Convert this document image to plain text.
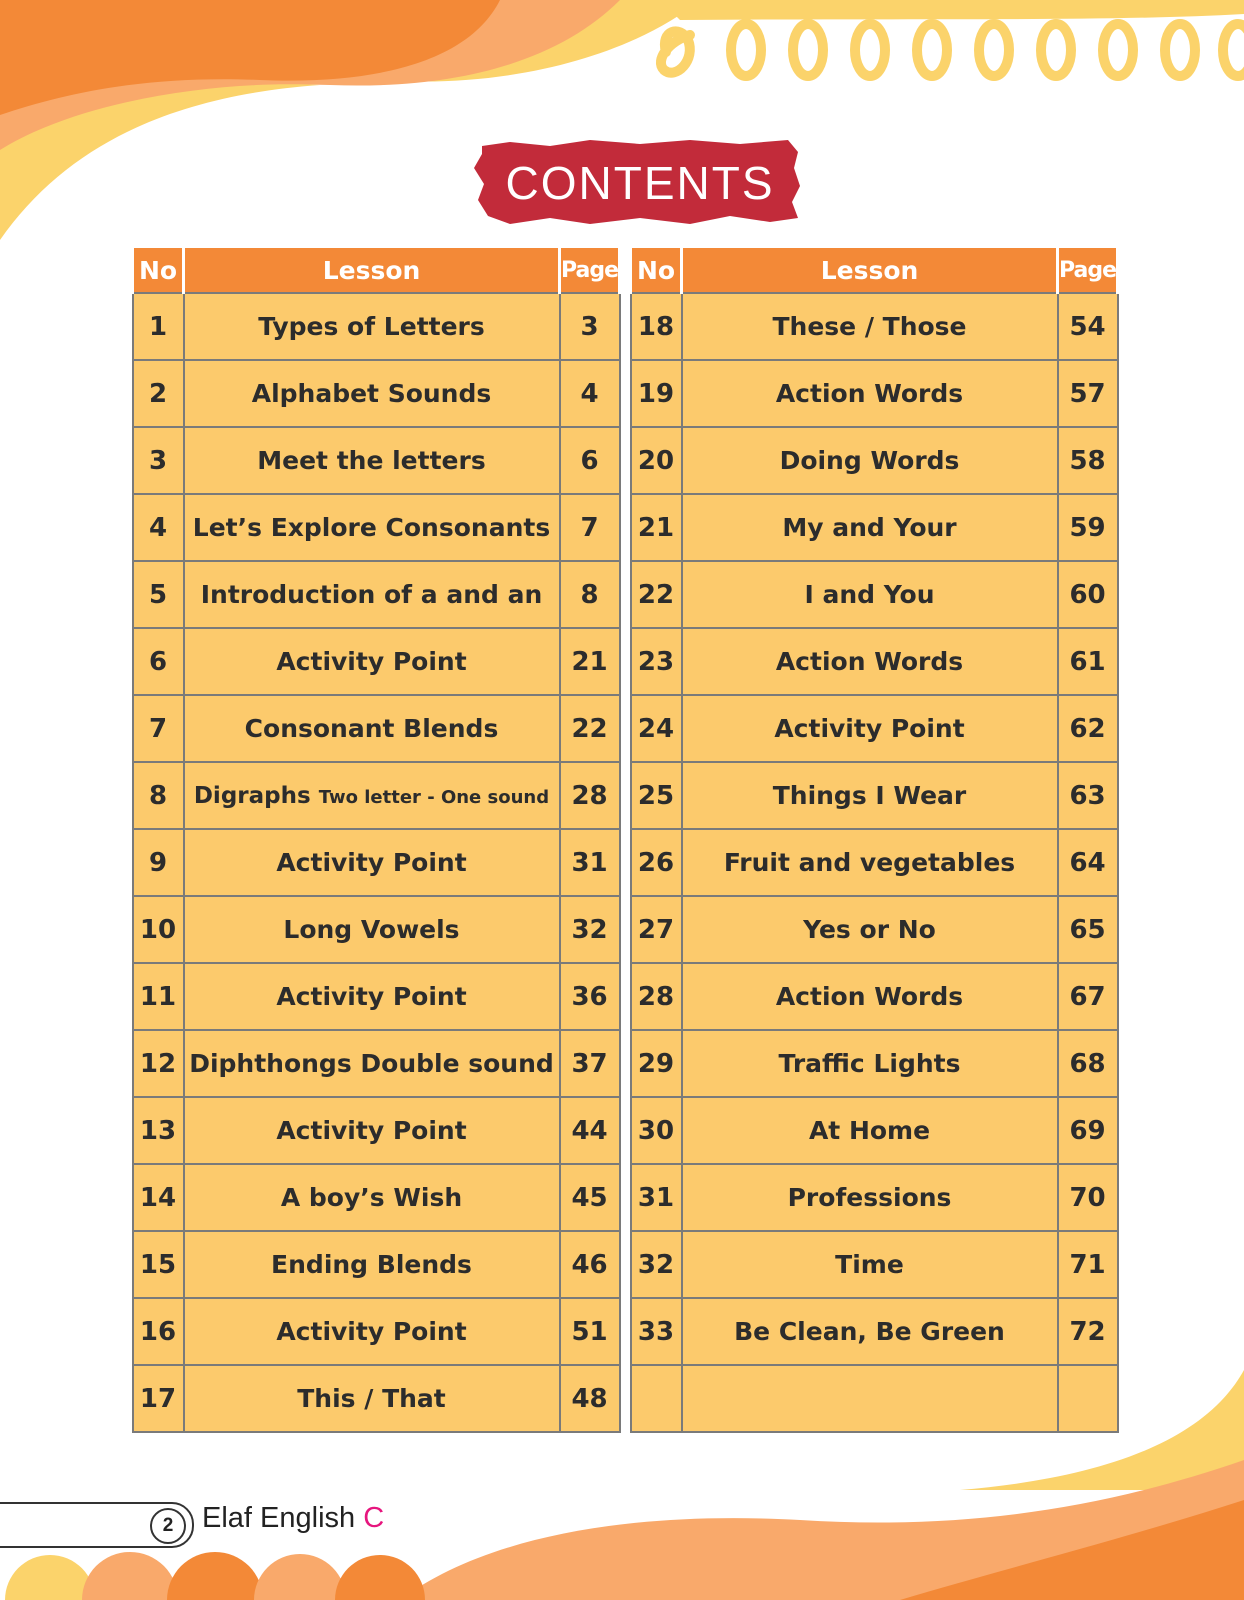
CONTENTS
No	Lesson	Page
1	Types of Letters	3
2	Alphabet Sounds	4
3	Meet the letters	6
4	Let’s Explore Consonants	7
5	Introduction of a and an	8
6	Activity Point	21
7	Consonant Blends	22
8	Digraphs Two letter - One sound	28
9	Activity Point	31
10	Long Vowels	32
11	Activity Point	36
12	Diphthongs Double sound	37
13	Activity Point	44
14	A boy’s Wish	45
15	Ending Blends	46
16	Activity Point	51
17	This / That	48
No	Lesson	Page
18	These / Those	54
19	Action Words	57
20	Doing Words	58
21	My and Your	59
22	I and You	60
23	Action Words	61
24	Activity Point	62
25	Things I Wear	63
26	Fruit and vegetables	64
27	Yes or No	65
28	Action Words	67
29	Traffic Lights	68
30	At Home	69
31	Professions	70
32	Time	71
33	Be Clean, Be Green	72

2 Elaf English C
